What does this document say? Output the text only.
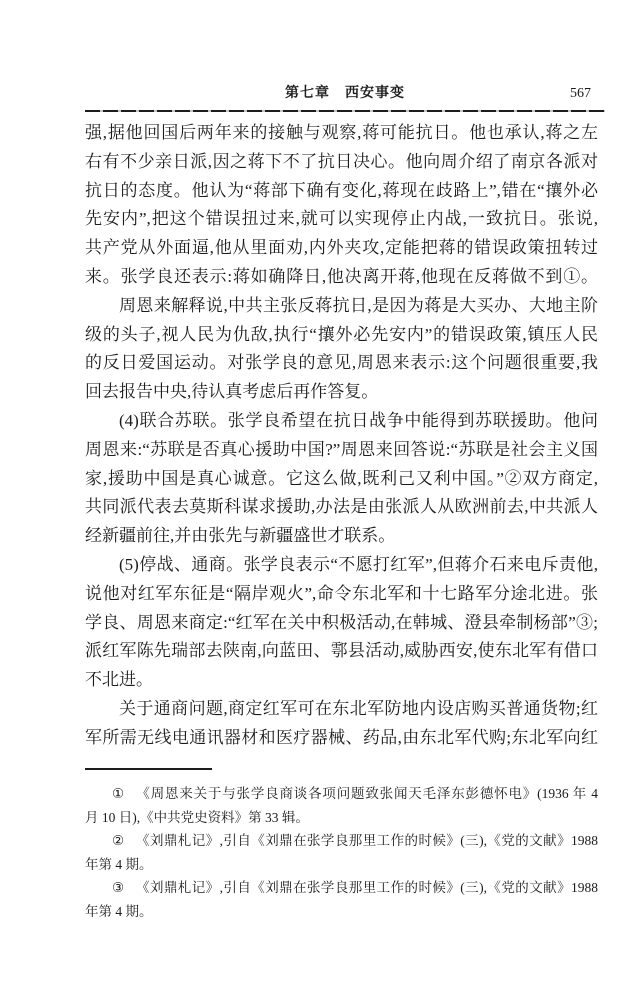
第七章　西安事变	567
强,据他回国后两年来的接触与观察,蒋可能抗日。他也承认,蒋之左
右有不少亲日派,因之蒋下不了抗日决心。他向周介绍了南京各派对
抗日的态度。他认为“蒋部下确有变化,蒋现在歧路上”,错在“攘外必
先安内”,把这个错误扭过来,就可以实现停止内战,一致抗日。张说,
共产党从外面逼,他从里面劝,内外夹攻,定能把蒋的错误政策扭转过
来。张学良还表示:蒋如确降日,他决离开蒋,他现在反蒋做不到①。
周恩来解释说,中共主张反蒋抗日,是因为蒋是大买办、大地主阶
级的头子,视人民为仇敌,执行“攘外必先安内”的错误政策,镇压人民
的反日爱国运动。对张学良的意见,周恩来表示:这个问题很重要,我
回去报告中央,待认真考虑后再作答复。
(4)联合苏联。张学良希望在抗日战争中能得到苏联援助。他问
周恩来:“苏联是否真心援助中国?”周恩来回答说:“苏联是社会主义国
家,援助中国是真心诚意。它这么做,既利己又利中国。”②双方商定,
共同派代表去莫斯科谋求援助,办法是由张派人从欧洲前去,中共派人
经新疆前往,并由张先与新疆盛世才联系。
(5)停战、通商。张学良表示“不愿打红军”,但蒋介石来电斥责他,
说他对红军东征是“隔岸观火”,命令东北军和十七路军分途北进。张
学良、周恩来商定:“红军在关中积极活动,在韩城、澄县牵制杨部”③;
派红军陈先瑞部去陕南,向蓝田、鄠县活动,威胁西安,使东北军有借口
不北进。
关于通商问题,商定红军可在东北军防地内设店购买普通货物;红
军所需无线电通讯器材和医疗器械、药品,由东北军代购;东北军向红
① 《周恩来关于与张学良商谈各项问题致张闻天毛泽东彭德怀电》(1936 年 4
月 10 日),《中共党史资料》第 33 辑。
② 《刘鼎札记》,引自《刘鼎在张学良那里工作的时候》(三),《党的文献》1988
年第 4 期。
③ 《刘鼎札记》,引自《刘鼎在张学良那里工作的时候》(三),《党的文献》1988
年第 4 期。
